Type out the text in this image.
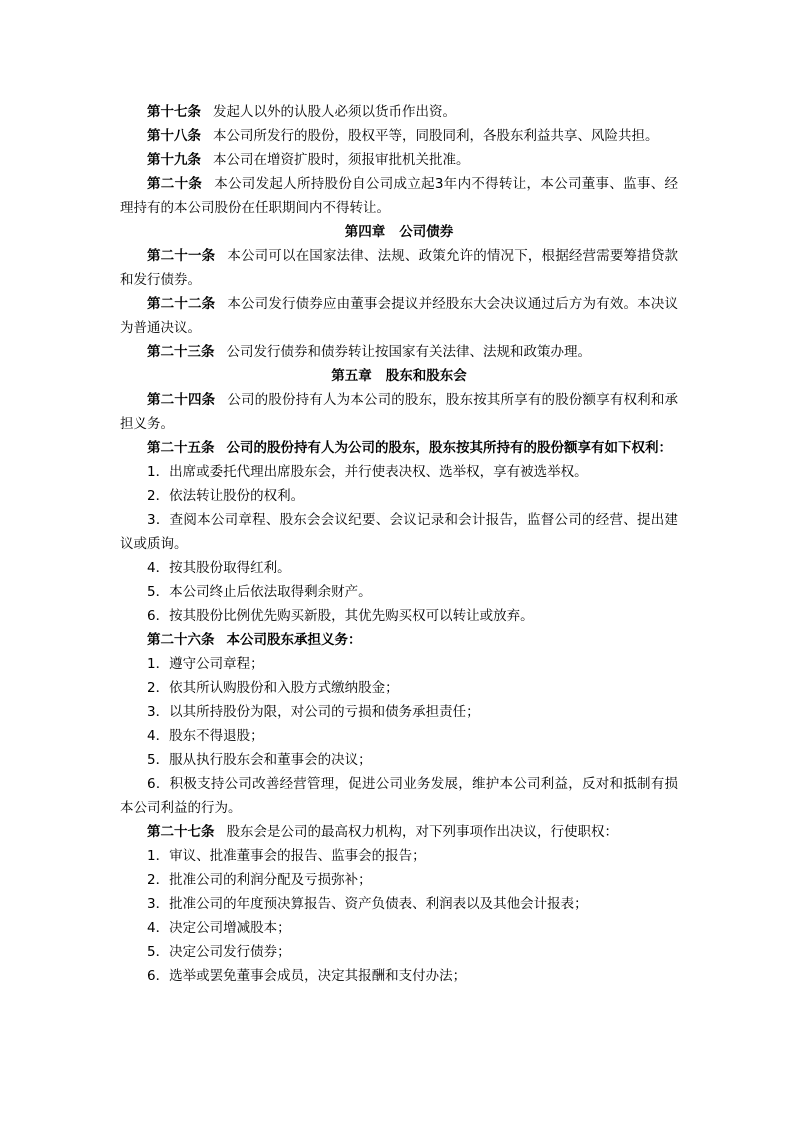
第十七条 发起人以外的认股人必须以货币作出资。

第十八条 本公司所发行的股份，股权平等，同股同利，各股东利益共享、风险共担。

第十九条 本公司在增资扩股时，须报审批机关批准。

第二十条 本公司发起人所持股份自公司成立起3年内不得转让，本公司董事、监事、经理持有的本公司股份在任职期间内不得转让。

第四章 公司债券

第二十一条 本公司可以在国家法律、法规、政策允许的情况下，根据经营需要筹措贷款和发行债券。

第二十二条 本公司发行债券应由董事会提议并经股东大会决议通过后方为有效。本决议为普通决议。

第二十三条 公司发行债券和债券转让按国家有关法律、法规和政策办理。

第五章 股东和股东会

第二十四条 公司的股份持有人为本公司的股东，股东按其所享有的股份额享有权利和承担义务。

第二十五条 公司的股份持有人为公司的股东，股东按其所持有的股份额享有如下权利：

1．出席或委托代理出席股东会，并行使表决权、选举权，享有被选举权。

2．依法转让股份的权利。

3．查阅本公司章程、股东会会议纪要、会议记录和会计报告，监督公司的经营、提出建议或质询。

4．按其股份取得红利。

5．本公司终止后依法取得剩余财产。

6．按其股份比例优先购买新股，其优先购买权可以转让或放弃。

第二十六条 本公司股东承担义务：

1．遵守公司章程；

2．依其所认购股份和入股方式缴纳股金；

3．以其所持股份为限，对公司的亏损和债务承担责任；

4．股东不得退股；

5．服从执行股东会和董事会的决议；

6．积极支持公司改善经营管理，促进公司业务发展，维护本公司利益，反对和抵制有损本公司利益的行为。

第二十七条 股东会是公司的最高权力机构，对下列事项作出决议，行使职权：

1．审议、批准董事会的报告、监事会的报告；

2．批准公司的利润分配及亏损弥补；

3．批准公司的年度预决算报告、资产负债表、利润表以及其他会计报表；

4．决定公司增减股本；

5．决定公司发行债券；

6．选举或罢免董事会成员，决定其报酬和支付办法；
